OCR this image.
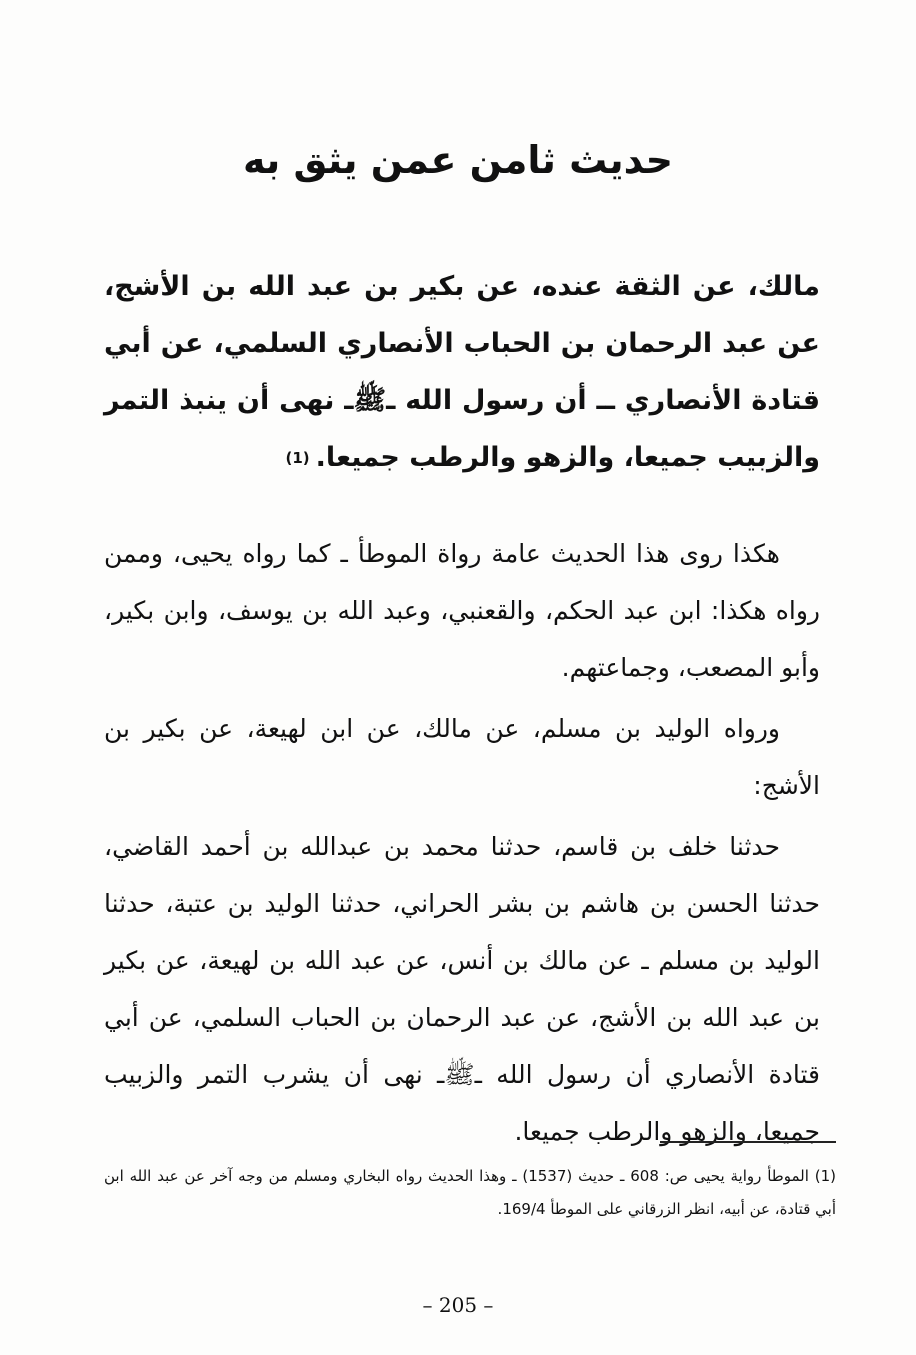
حديث ثامن عمن يثق به
مالك، عن الثقة عنده، عن بكير بن عبد الله بن الأشج، عن عبد الرحمان بن الحباب الأنصاري السلمي، عن أبي قتادة الأنصاري ــ أن رسول الله ـﷺـ نهى أن ينبذ التمر والزبيب جميعا، والزهو والرطب جميعا.(1)

هكذا روى هذا الحديث عامة رواة الموطأ ـ كما رواه يحيى، وممن رواه هكذا: ابن عبد الحكم، والقعنبي، وعبد الله بن يوسف، وابن بكير، وأبو المصعب، وجماعتهم.

ورواه الوليد بن مسلم، عن مالك، عن ابن لهيعة، عن بكير بن الأشج:

حدثنا خلف بن قاسم، حدثنا محمد بن عبدالله بن أحمد القاضي، حدثنا الحسن بن هاشم بن بشر الحراني، حدثنا الوليد بن عتبة، حدثنا الوليد بن مسلم ـ عن مالك بن أنس، عن عبد الله بن لهيعة، عن بكير بن عبد الله بن الأشج، عن عبد الرحمان بن الحباب السلمي، عن أبي قتادة الأنصاري أن رسول الله ـﷺـ نهى أن يشرب التمر والزبيب جميعا، والزهو والرطب جميعا.

(1) الموطأ رواية يحيى ص: 608 ـ حديث (1537) ـ وهذا الحديث رواه البخاري ومسلم من وجه آخر عن عبد الله ابن أبي قتادة، عن أبيه، انظر الزرقاني على الموطأ 169/4.

– 205 –
